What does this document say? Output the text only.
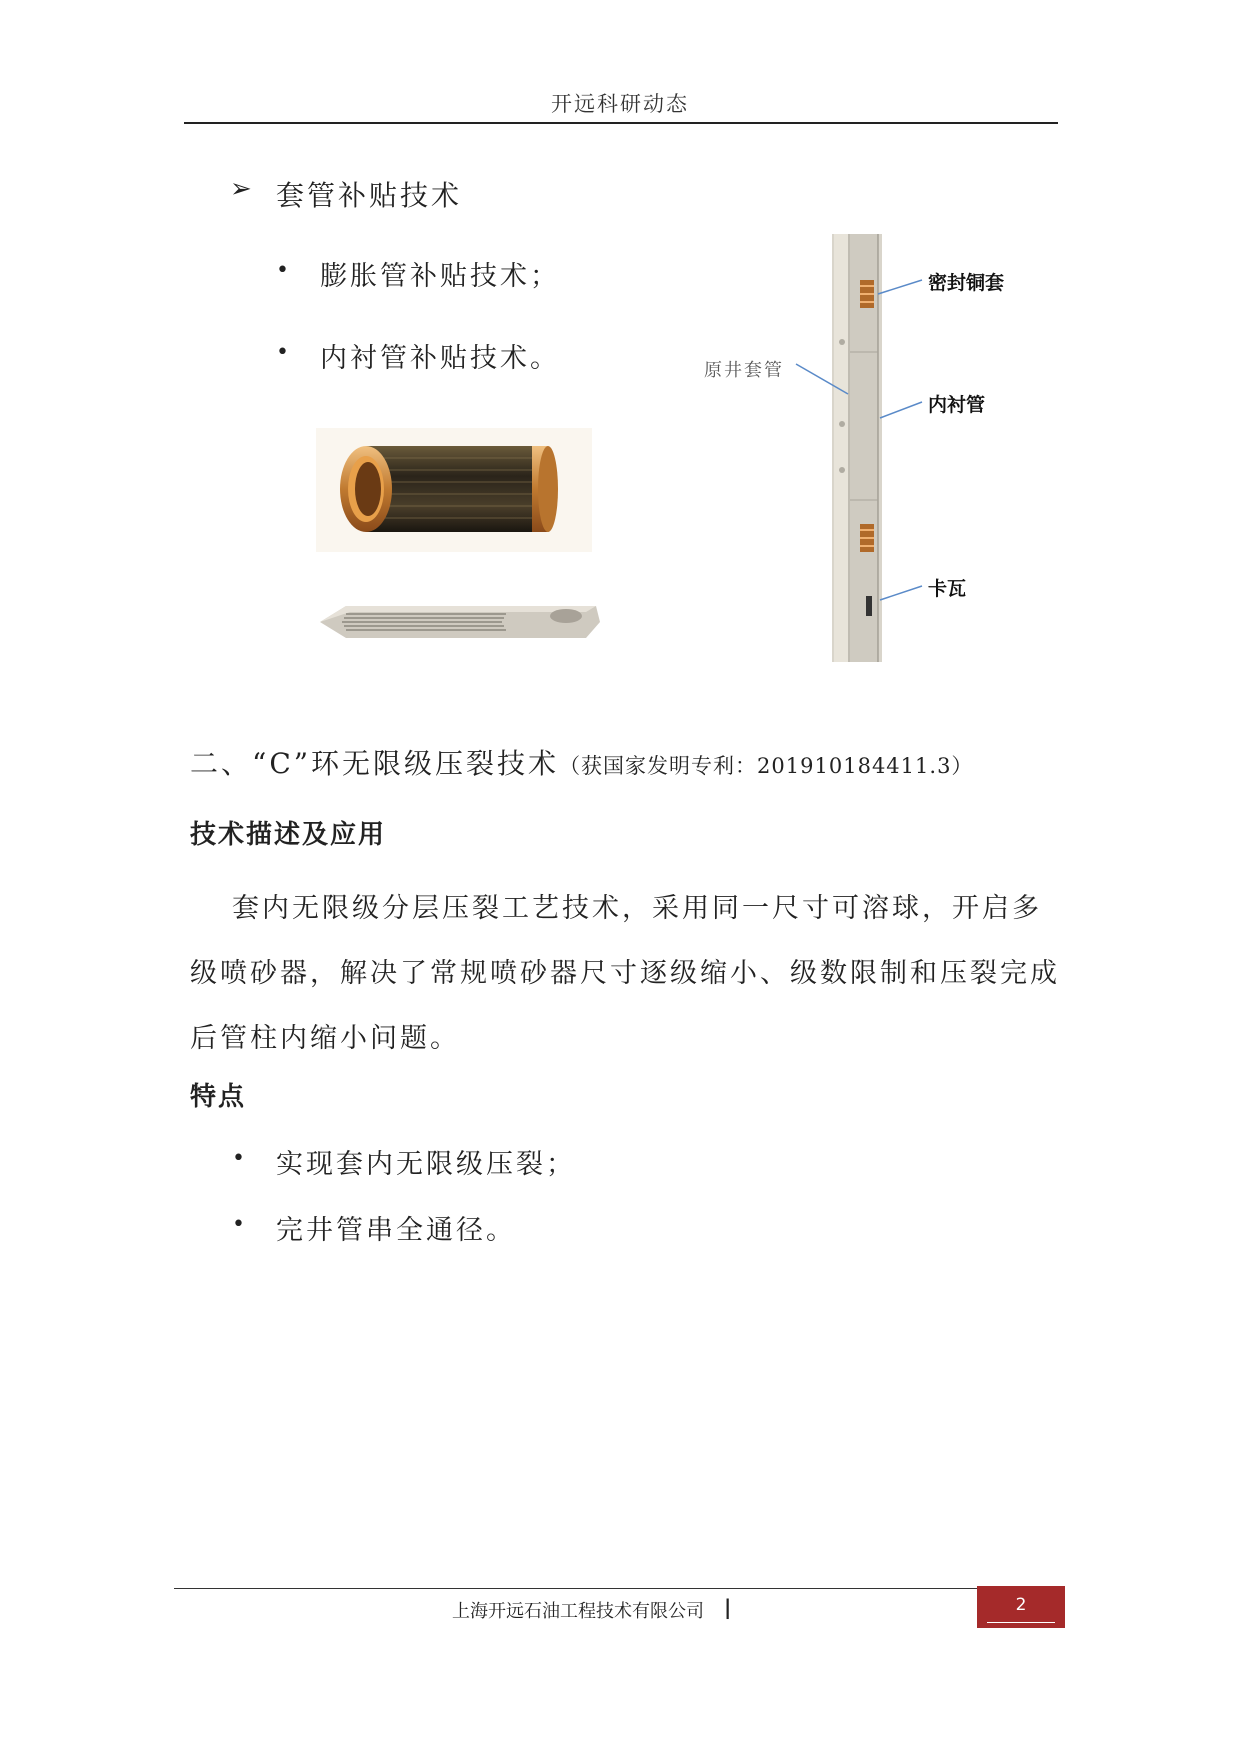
开远科研动态
➢ 套管补贴技术
• 膨胀管补贴技术；
• 内衬管补贴技术。
密封铜套
原井套管
内衬管
卡瓦
二、“C”环无限级压裂技术（获国家发明专利：201910184411.3）
技术描述及应用
套内无限级分层压裂工艺技术，采用同一尺寸可溶球，开启多级喷砂器，解决了常规喷砂器尺寸逐级缩小、级数限制和压裂完成后管柱内缩小问题。
特点
• 实现套内无限级压裂；
• 完井管串全通径。
上海开远石油工程技术有限公司 |	2
